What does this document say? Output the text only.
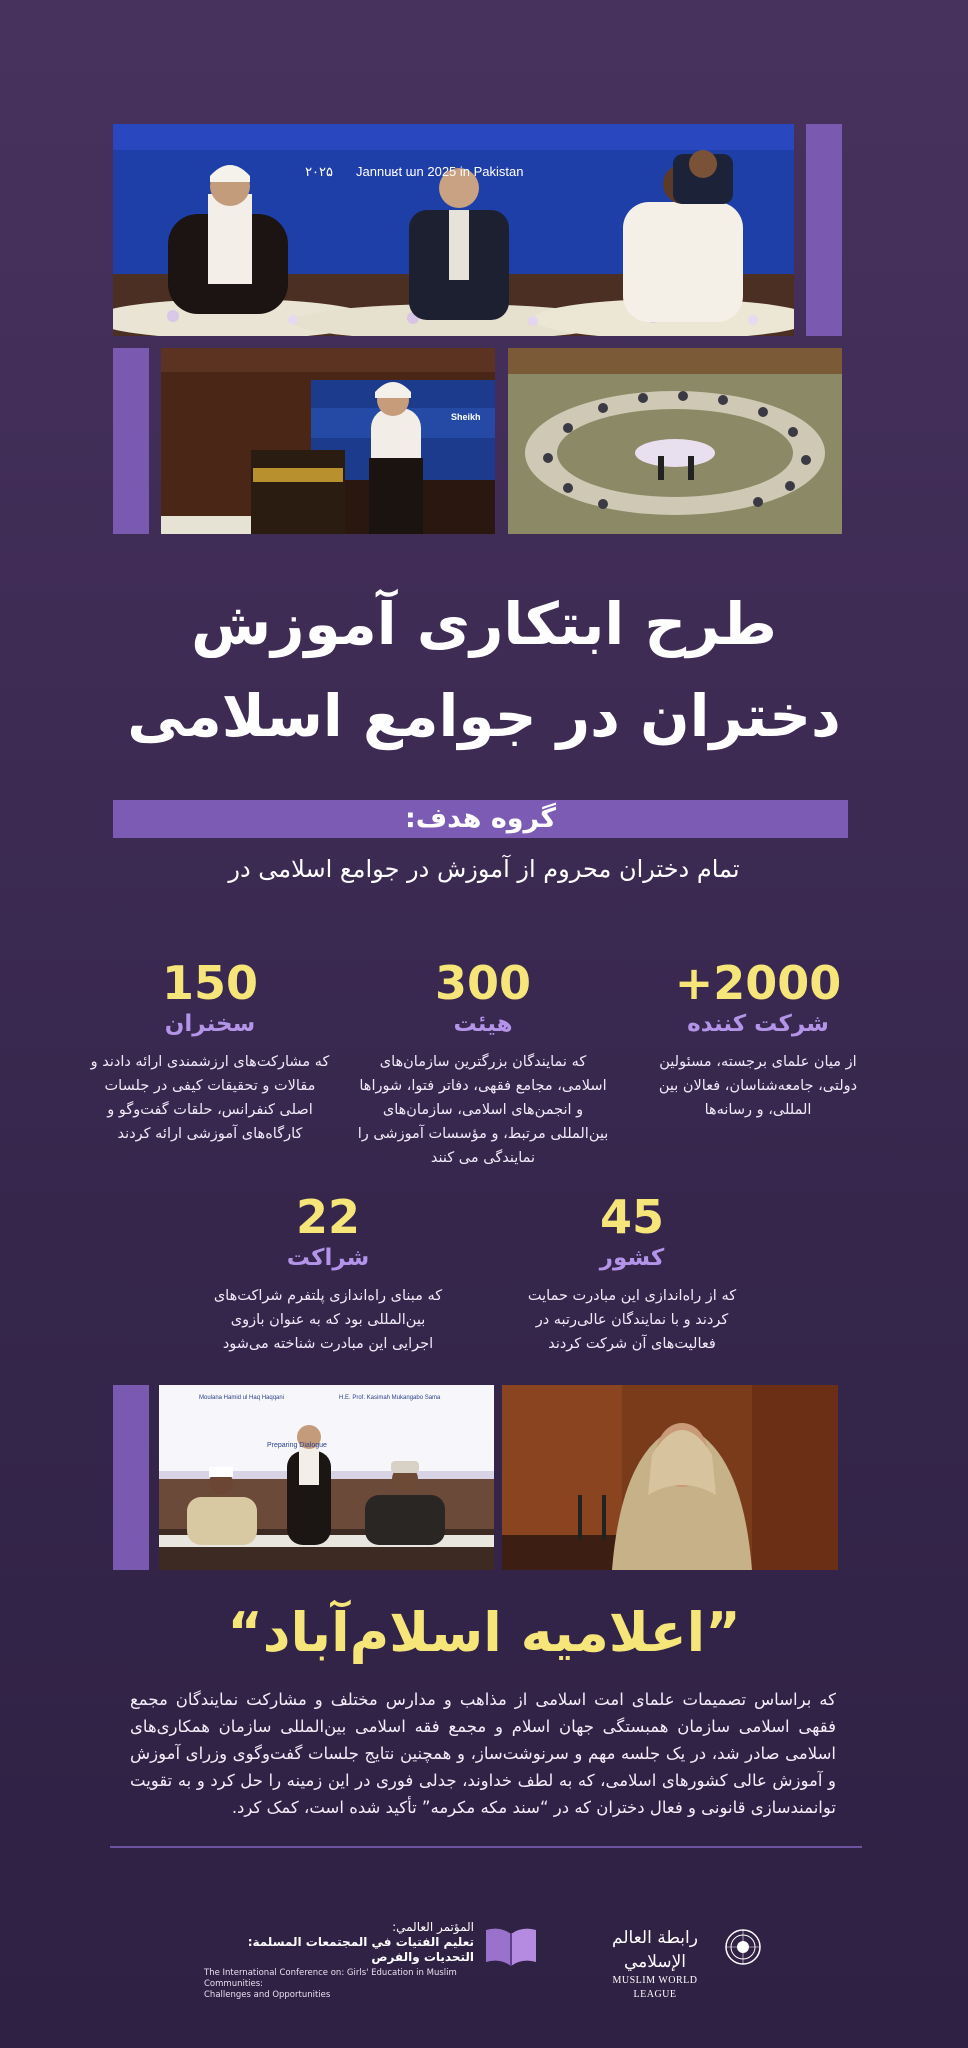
Jannuʁt ɯn 2025 in Pakistan
۲۰۲۵
Sheikh
طرح ابتکاری آموزش دختران در جوامع اسلامی
گروه هدف:
تمام دختران محروم از آموزش در جوامع اسلامی در
2000+
شرکت کننده
از میان علمای برجسته، مسئولین دولتی، جامعه‌شناسان، فعالان بین المللی، و رسانه‌ها
300
هیئت
که نمایندگان بزرگترین سازمان‌های اسلامی، مجامع فقهی، دفاتر فتوا، شوراها و انجمن‌های اسلامی، سازمان‌های بین‌المللی مرتبط، و مؤسسات آموزشی را نمایندگی می کنند
150
سخنران
که مشارکت‌های ارزشمندی ارائه دادند و مقالات و تحقیقات کیفی در جلسات اصلی کنفرانس، حلقات گفت‌وگو و کارگاه‌های آموزشی ارائه کردند
45
کشور
که از راه‌اندازی این مبادرت حمایت کردند و با نمایندگان عالی‌رتبه در فعالیت‌های آن شرکت کردند
22
شراکت
که مبنای راه‌اندازی پلتفرم شراکت‌های بین‌المللی بود که به عنوان بازوی اجرایی این مبادرت شناخته می‌شود
Moulana Hamid ul Haq Haqqani	H.E. Prof. Kasimah Mukangabo Sama
Preparing Dialogue
”اعلامیه اسلام‌آباد“
که براساس تصمیمات علمای امت اسلامی از مذاهب و مدارس مختلف و مشارکت نمایندگان مجمع فقهی اسلامی سازمان همبستگی جهان اسلام و مجمع فقه اسلامی بین‌المللی سازمان همکاری‌های اسلامی صادر شد، در یک جلسه مهم و سرنوشت‌ساز، و همچنین نتایج جلسات گفت‌وگوی وزرای آموزش و آموزش عالی کشورهای اسلامی، که به لطف خداوند، جدلی فوری در این زمینه را حل کرد و به تقویت توانمندسازی قانونی و فعال دختران که در “سند مکه مکرمه” تأکید شده است، کمک کرد.
المؤتمر العالمي:
تعليم الفتيات في المجتمعات المسلمة: التحديات والفرص
The International Conference on: Girls' Education in Muslim Communities:
Challenges and Opportunities
رابطة العالم الإسلامي
MUSLIM WORLD LEAGUE
